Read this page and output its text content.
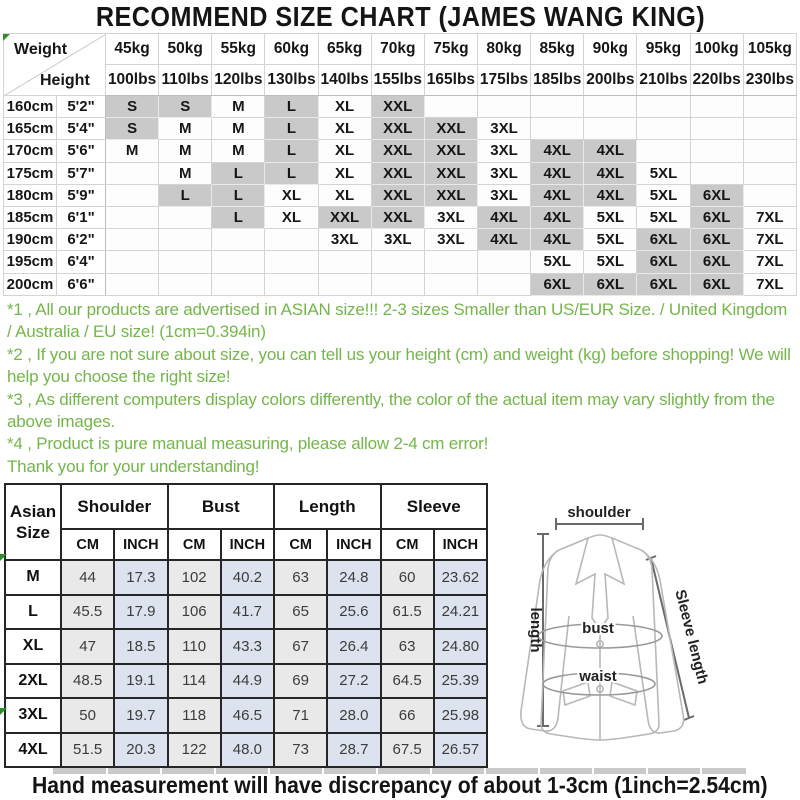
RECOMMEND SIZE CHART (JAMES WANG KING)
Weight
Height		45kg	50kg	55kg	60kg	65kg	70kg	75kg	80kg	85kg	90kg	95kg	100kg	105kg
		100lbs	110lbs	120lbs	130lbs	140lbs	155lbs	165lbs	175lbs	185lbs	200lbs	210lbs	220lbs	230lbs
160cm	5'2"	S	S	M	L	XL	XXL							
165cm	5'4"	S	M	M	L	XL	XXL	XXL	3XL					
170cm	5'6"	M	M	M	L	XL	XXL	XXL	3XL	4XL	4XL			
175cm	5'7"		M	L	L	XL	XXL	XXL	3XL	4XL	4XL	5XL		
180cm	5'9"		L	L	XL	XL	XXL	XXL	3XL	4XL	4XL	5XL	6XL	
185cm	6'1"			L	XL	XXL	XXL	3XL	4XL	4XL	5XL	5XL	6XL	7XL
190cm	6'2"					3XL	3XL	3XL	4XL	4XL	5XL	6XL	6XL	7XL
195cm	6'4"									5XL	5XL	6XL	6XL	7XL
200cm	6'6"									6XL	6XL	6XL	6XL	7XL

*1 , All our products are advertised in ASIAN size!!! 2-3 sizes Smaller than US/EUR Size. / United Kingdom / Australia / EU size! (1cm=0.394in)

*2 , If you are not sure about size, you can tell us your height (cm) and weight (kg) before shopping! We will help you choose the right size!

*3 , As different computers display colors differently, the color of the actual item may vary slightly from the above images.

*4 , Product is pure manual measuring, please allow 2-4 cm error!

Thank you for your understanding!

Asian
Size	Shoulder		Bust		Length		Sleeve	
	CM	INCH	CM	INCH	CM	INCH	CM	INCH
M	44	17.3	102	40.2	63	24.8	60	23.62
L	45.5	17.9	106	41.7	65	25.6	61.5	24.21
XL	47	18.5	110	43.3	67	26.4	63	24.80
2XL	48.5	19.1	114	44.9	69	27.2	64.5	25.39
3XL	50	19.7	118	46.5	71	28.0	66	25.98
4XL	51.5	20.3	122	48.0	73	28.7	67.5	26.57
shoulder
length	bust
waist	Sleeve length
Hand measurement will have discrepancy of about 1-3cm (1inch=2.54cm)
